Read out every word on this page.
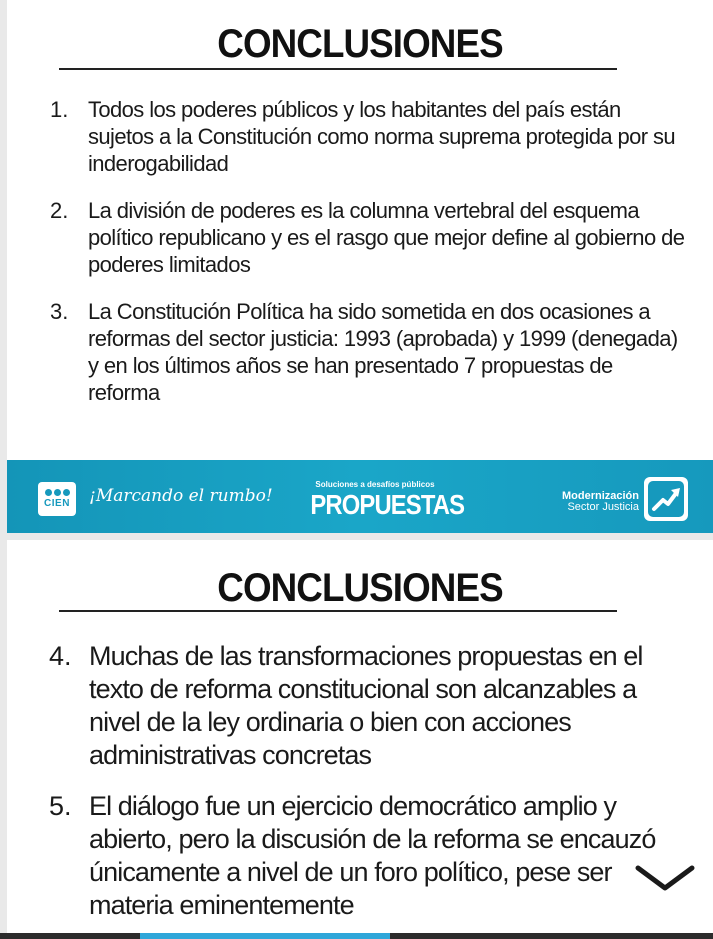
CONCLUSIONES
1. Todos los poderes públicos y los habitantes del país están sujetos a la Constitución como norma suprema protegida por su inderogabilidad
2. La división de poderes es la columna vertebral del esquema político republicano y es el rasgo que mejor define al gobierno de poderes limitados
3. La Constitución Política ha sido sometida en dos ocasiones a reformas del sector justicia: 1993 (aprobada) y 1999 (denegada) y en los últimos años se han presentado 7 propuestas de reforma
CIEN ¡Marcando el rumbo!
Soluciones a desafíos públicos
PROPUESTAS	Modernización
Sector Justicia
CONCLUSIONES
4. Muchas de las transformaciones propuestas en el texto de reforma constitucional son alcanzables a nivel de la ley ordinaria o bien con acciones administrativas concretas
5. El diálogo fue un ejercicio democrático amplio y abierto, pero la discusión de la reforma se encauzó únicamente a nivel de un foro político, pese ser materia eminentemente
